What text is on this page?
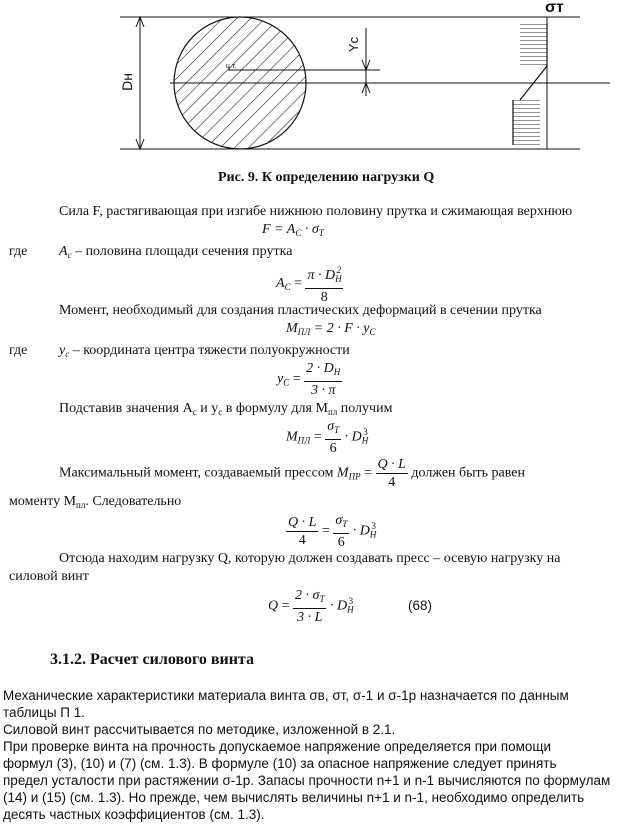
σт
Dн
Yc
ц.т.
Рис. 9. К определению нагрузки Q
Сила F, растягивающая при изгибе нижнюю половину прутка и сжимающая верхнюю
$F = A_C \cdot \sigma_T$
где $A_c$ – половина площади сечения прутка
$A_C = \frac{\pi \cdot D_H^2}{8}$
Момент, необходимый для создания пластических деформаций в сечении прутка
$M_{ПЛ} = 2 \cdot F \cdot y_C$
где $y_c$ – координата центра тяжести полуокружности
$y_C = \frac{2 \cdot D_H}{3 \cdot \pi}$
Подставив значения $A_c$ и $y_c$ в формулу для $M_{пл}$ получим
$M_{ПЛ} = \frac{\sigma_T}{6} \cdot D_H^3$
Максимальный момент, создаваемый прессом $M_{ПР} = \frac{Q \cdot L}{4}$ должен быть равен
моменту $M_{пл}$. Следовательно
$\frac{Q \cdot L}{4} = \frac{\sigma_T}{6} \cdot D_H^3$
Отсюда находим нагрузку Q, которую должен создавать пресс – осевую нагрузку на
силовой винт
$Q = \frac{2 \cdot \sigma_T}{3 \cdot L} \cdot D_H^3$	(68)
3.1.2. Расчет силового винта
Механические характеристики материала винта σв, σт, σ-1 и σ-1р назначается по данным
таблицы П 1.
Силовой винт рассчитывается по методике, изложенной в 2.1.
При проверке винта на прочность допускаемое напряжение определяется при помощи
формул (3), (10) и (7) (см. 1.3). В формуле (10) за опасное напряжение следует принять
предел усталости при растяжении σ-1р. Запасы прочности n+1 и n-1 вычисляются по формулам
(14) и (15) (см. 1.3). Но прежде, чем вычислять величины n+1 и n-1, необходимо определить
десять частных коэффициентов (см. 1.3).
